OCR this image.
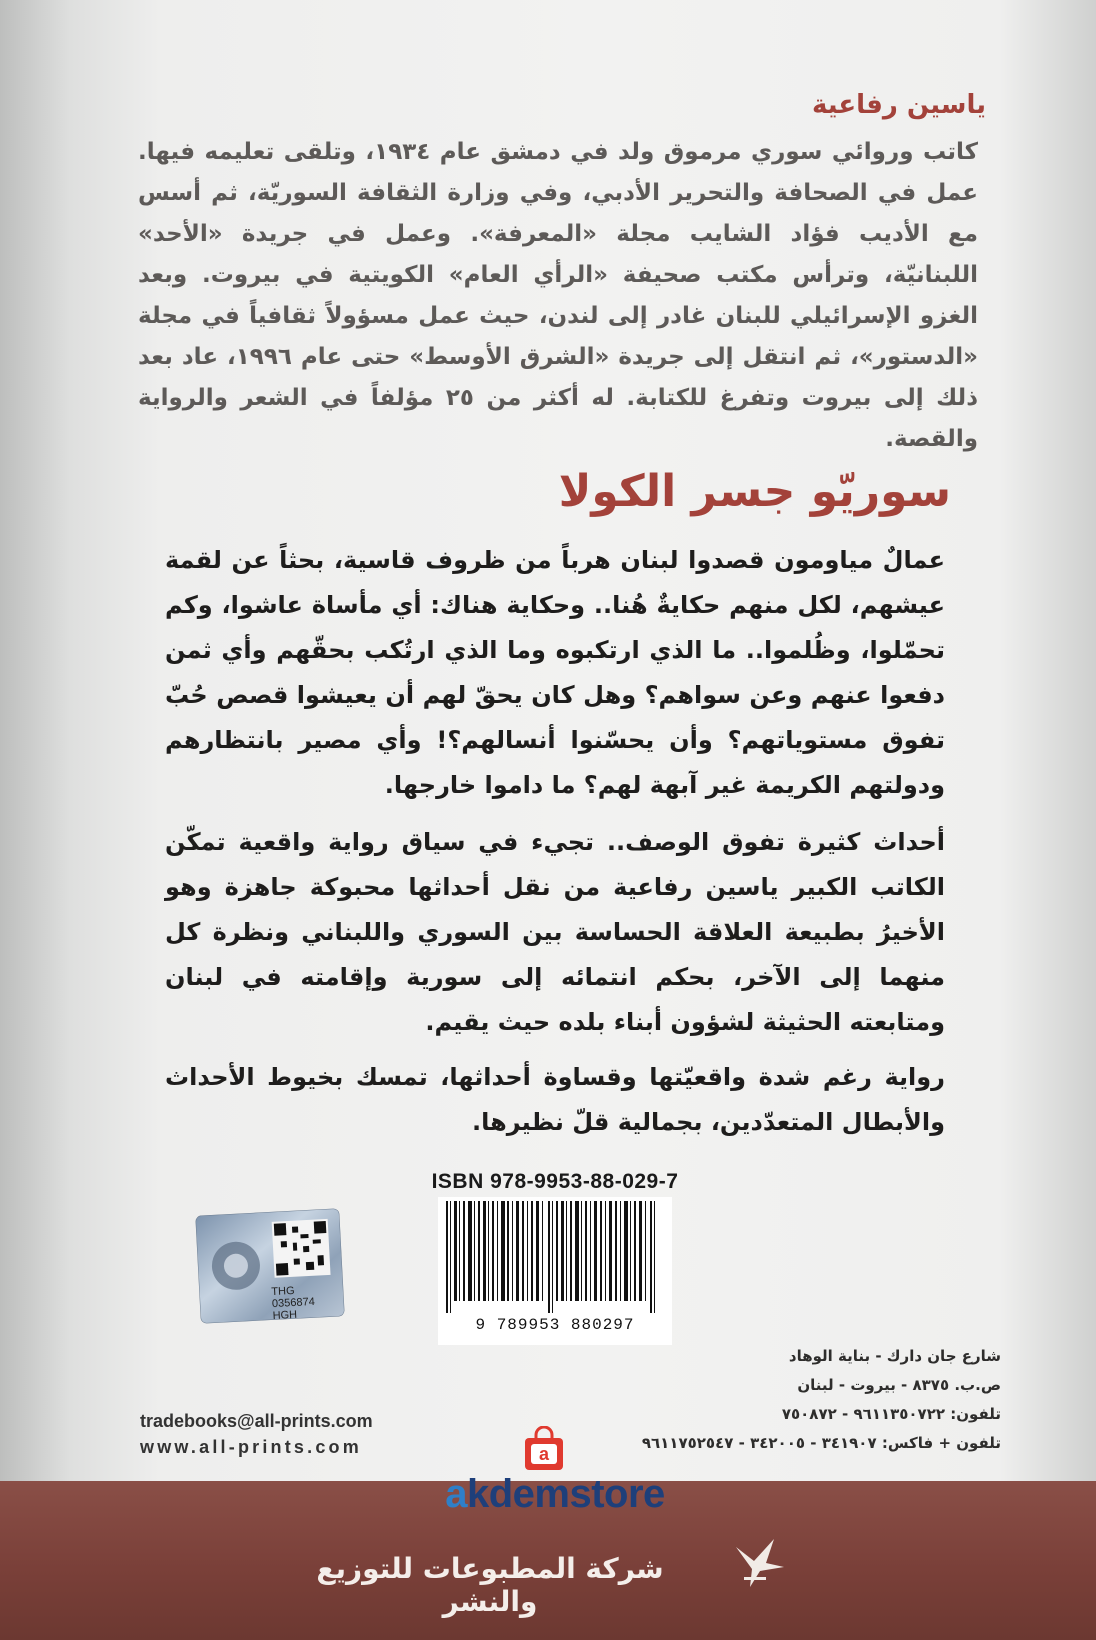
ياسين رفاعية
كاتب وروائي سوري مرموق ولد في دمشق عام ١٩٣٤، وتلقى تعليمه فيها. عمل في الصحافة والتحرير الأدبي، وفي وزارة الثقافة السوريّة، ثم أسس مع الأديب فؤاد الشايب مجلة «المعرفة». وعمل في جريدة «الأحد» اللبنانيّة، وترأس مكتب صحيفة «الرأي العام» الكويتية في بيروت. وبعد الغزو الإسرائيلي للبنان غادر إلى لندن، حيث عمل مسؤولاً ثقافياً في مجلة «الدستور»، ثم انتقل إلى جريدة «الشرق الأوسط» حتى عام ١٩٩٦، عاد بعد ذلك إلى بيروت وتفرغ للكتابة. له أكثر من ٢٥ مؤلفاً في الشعر والرواية والقصة.
سوريّو جسر الكولا
عمالٌ مياومون قصدوا لبنان هرباً من ظروف قاسية، بحثاً عن لقمة عيشهم، لكل منهم حكايةٌ هُنا.. وحكاية هناك: أي مأساة عاشوا، وكم تحمّلوا، وظُلموا.. ما الذي ارتكبوه وما الذي ارتُكب بحقّهم وأي ثمن دفعوا عنهم وعن سواهم؟ وهل كان يحقّ لهم أن يعيشوا قصص حُبّ تفوق مستوياتهم؟ وأن يحسّنوا أنسالهم؟! وأي مصير بانتظارهم ودولتهم الكريمة غير آبهة لهم؟ ما داموا خارجها.
أحداث كثيرة تفوق الوصف.. تجيء في سياق رواية واقعية تمكّن الكاتب الكبير ياسين رفاعية من نقل أحداثها محبوكة جاهزة وهو الأخيرُ بطبيعة العلاقة الحساسة بين السوري واللبناني ونظرة كل منهما إلى الآخر، بحكم انتمائه إلى سورية وإقامته في لبنان ومتابعته الحثيثة لشؤون أبناء بلده حيث يقيم.
رواية رغم شدة واقعيّتها وقساوة أحداثها، تمسك بخيوط الأحداث والأبطال المتعدّدين، بجمالية قلّ نظيرها.
ISBN 978-9953-88-029-7
9 789953 880297
THG
0356874
HGH
شارع جان دارك - بناية الوهاد
ص.ب. ٨٣٧٥ - بيروت - لبنان
تلفون: ٩٦١١٣٥٠٧٢٢ - ٧٥٠٨٧٢
تلفون + فاكس: ٣٤١٩٠٧ - ٣٤٢٠٠٥ - ٩٦١١٧٥٢٥٤٧
tradebooks@all-prints.com
www.all-prints.com	a
akdemstore
شركة المطبوعات للتوزيع والنشر
